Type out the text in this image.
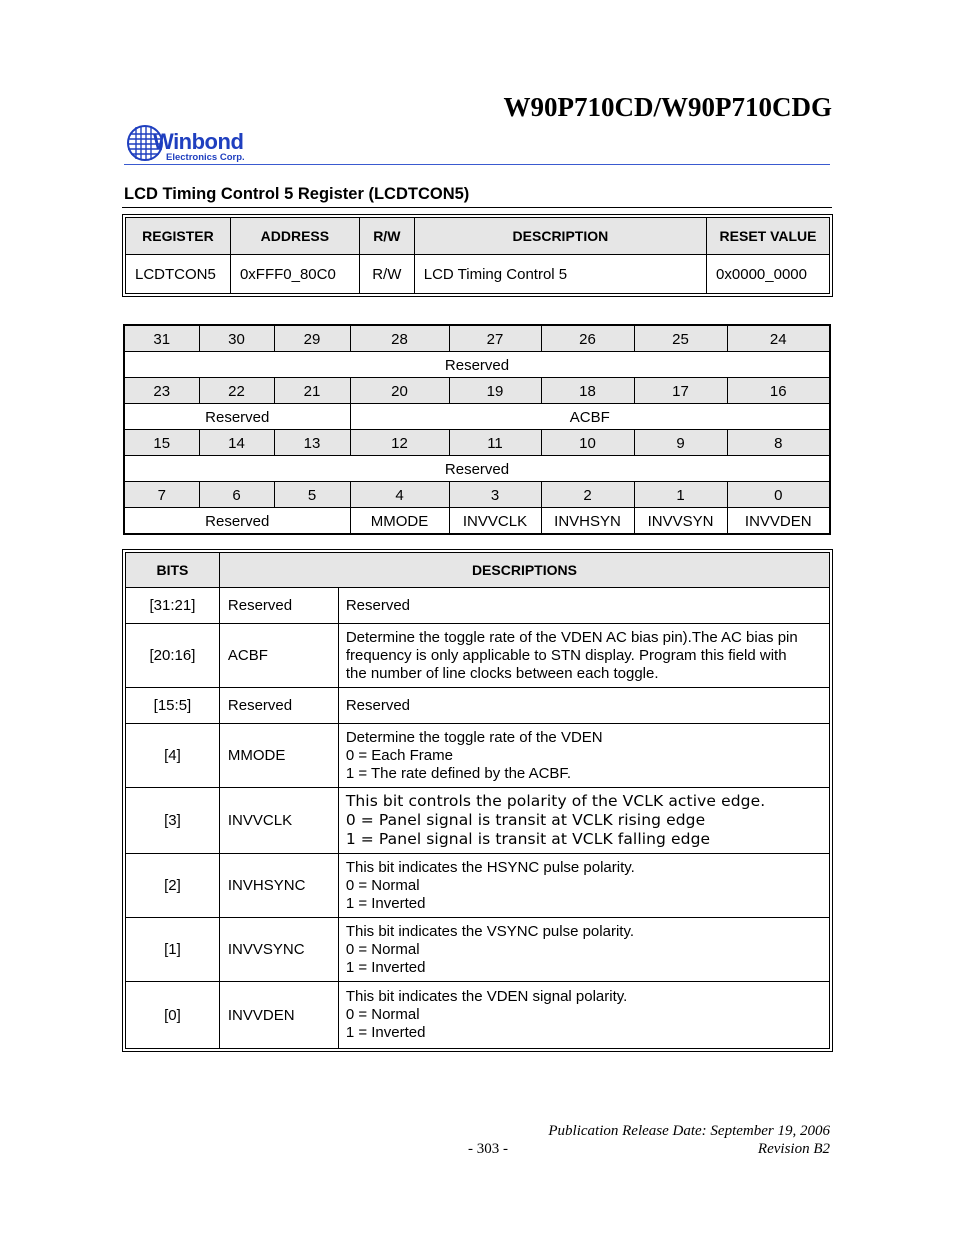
W90P710CD/W90P710CDG
Winbond
Electronics Corp.
LCD Timing Control 5 Register (LCDTCON5)
REGISTER	ADDRESS	R/W	DESCRIPTION	RESET VALUE
LCDTCON5	0xFFF0_80C0	R/W	LCD Timing Control 5	0x0000_0000
31	30	29	28	27	26	25	24
Reserved							
23	22	21	20	19	18	17	16
Reserved			ACBF				
15	14	13	12	11	10	9	8
Reserved							
7	6	5	4	3	2	1	0
Reserved			MMODE	INVVCLK	INVHSYN	INVVSYN	INVVDEN
BITS	DESCRIPTIONS	
[31:21]	Reserved	Reserved

[20:16]	ACBF	Determine the toggle rate of the VDEN AC bias pin).The AC bias pin
frequency is only applicable to STN display. Program this field with
the number of line clocks between each toggle.

[15:5]	Reserved	Reserved

[4]	MMODE	Determine the toggle rate of the VDEN
0 = Each Frame
1 = The rate defined by the ACBF.

[3]	INVVCLK	This bit controls the polarity of the VCLK active edge.
0 = Panel signal is transit at VCLK rising edge
1 = Panel signal is transit at VCLK falling edge

[2]	INVHSYNC	This bit indicates the HSYNC pulse polarity.
0 = Normal
1 = Inverted

[1]	INVVSYNC	This bit indicates the VSYNC pulse polarity.
0 = Normal
1 = Inverted

[0]	INVVDEN	This bit indicates the VDEN signal polarity.
0 = Normal
1 = Inverted
Publication Release Date: September 19, 2006
- 303 -	Revision B2
